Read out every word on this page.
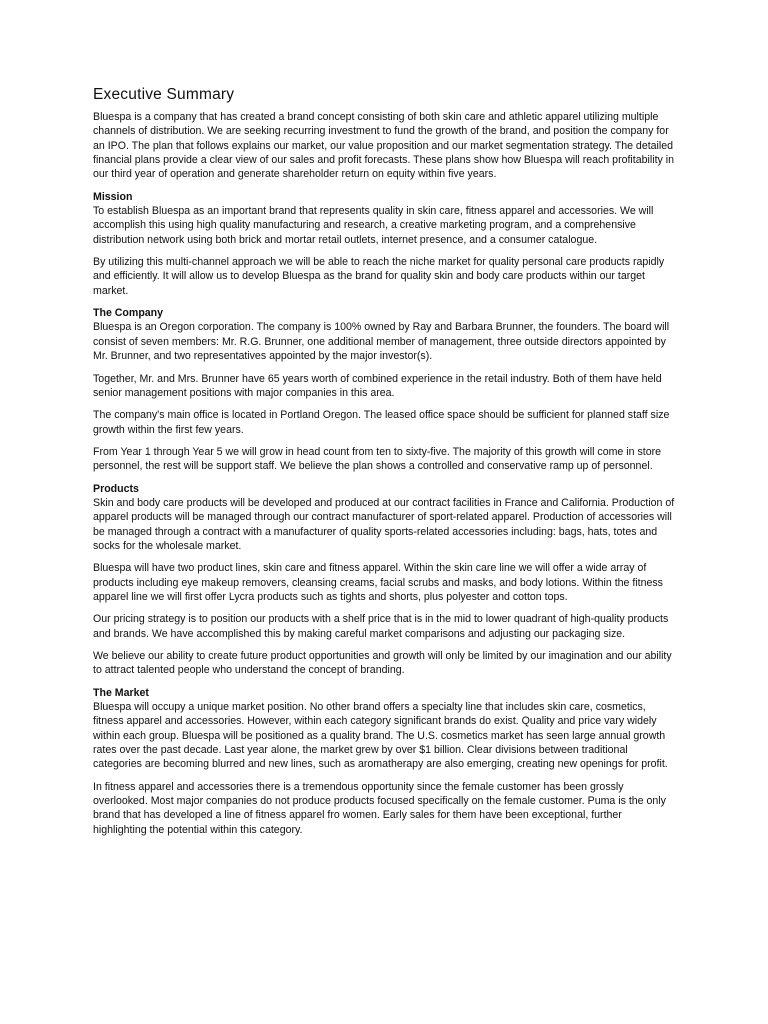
Executive Summary

Bluespa is a company that has created a brand concept consisting of both skin care and athletic apparel utilizing multiple channels of distribution. We are seeking recurring investment to fund the growth of the brand, and position the company for an IPO. The plan that follows explains our market, our value proposition and our market segmentation strategy. The detailed financial plans provide a clear view of our sales and profit forecasts. These plans show how Bluespa will reach profitability in our third year of operation and generate shareholder return on equity within five years.

Mission

To establish Bluespa as an important brand that represents quality in skin care, fitness apparel and accessories. We will accomplish this using high quality manufacturing and research, a creative marketing program, and a comprehensive distribution network using both brick and mortar retail outlets, internet presence, and a consumer catalogue.

By utilizing this multi-channel approach we will be able to reach the niche market for quality personal care products rapidly and efficiently. It will allow us to develop Bluespa as the brand for quality skin and body care products within our target market.

The Company

Bluespa is an Oregon corporation. The company is 100% owned by Ray and Barbara Brunner, the founders. The board will consist of seven members: Mr. R.G. Brunner, one additional member of management, three outside directors appointed by Mr. Brunner, and two representatives appointed by the major investor(s).

Together, Mr. and Mrs. Brunner have 65 years worth of combined experience in the retail industry. Both of them have held senior management positions with major companies in this area.

The company's main office is located in Portland Oregon. The leased office space should be sufficient for planned staff size growth within the first few years.

From Year 1 through Year 5 we will grow in head count from ten to sixty-five. The majority of this growth will come in store personnel, the rest will be support staff. We believe the plan shows a controlled and conservative ramp up of personnel.

Products

Skin and body care products will be developed and produced at our contract facilities in France and California. Production of apparel products will be managed through our contract manufacturer of sport-related apparel. Production of accessories will be managed through a contract with a manufacturer of quality sports-related accessories including: bags, hats, totes and socks for the wholesale market.

Bluespa will have two product lines, skin care and fitness apparel. Within the skin care line we will offer a wide array of products including eye makeup removers, cleansing creams, facial scrubs and masks, and body lotions. Within the fitness apparel line we will first offer Lycra products such as tights and shorts, plus polyester and cotton tops.

Our pricing strategy is to position our products with a shelf price that is in the mid to lower quadrant of high-quality products and brands. We have accomplished this by making careful market comparisons and adjusting our packaging size.

We believe our ability to create future product opportunities and growth will only be limited by our imagination and our ability to attract talented people who understand the concept of branding.

The Market

Bluespa will occupy a unique market position. No other brand offers a specialty line that includes skin care, cosmetics, fitness apparel and accessories. However, within each category significant brands do exist. Quality and price vary widely within each group. Bluespa will be positioned as a quality brand. The U.S. cosmetics market has seen large annual growth rates over the past decade. Last year alone, the market grew by over $1 billion. Clear divisions between traditional categories are becoming blurred and new lines, such as aromatherapy are also emerging, creating new openings for profit.

In fitness apparel and accessories there is a tremendous opportunity since the female customer has been grossly overlooked. Most major companies do not produce products focused specifically on the female customer. Puma is the only brand that has developed a line of fitness apparel fro women. Early sales for them have been exceptional, further highlighting the potential within this category.
